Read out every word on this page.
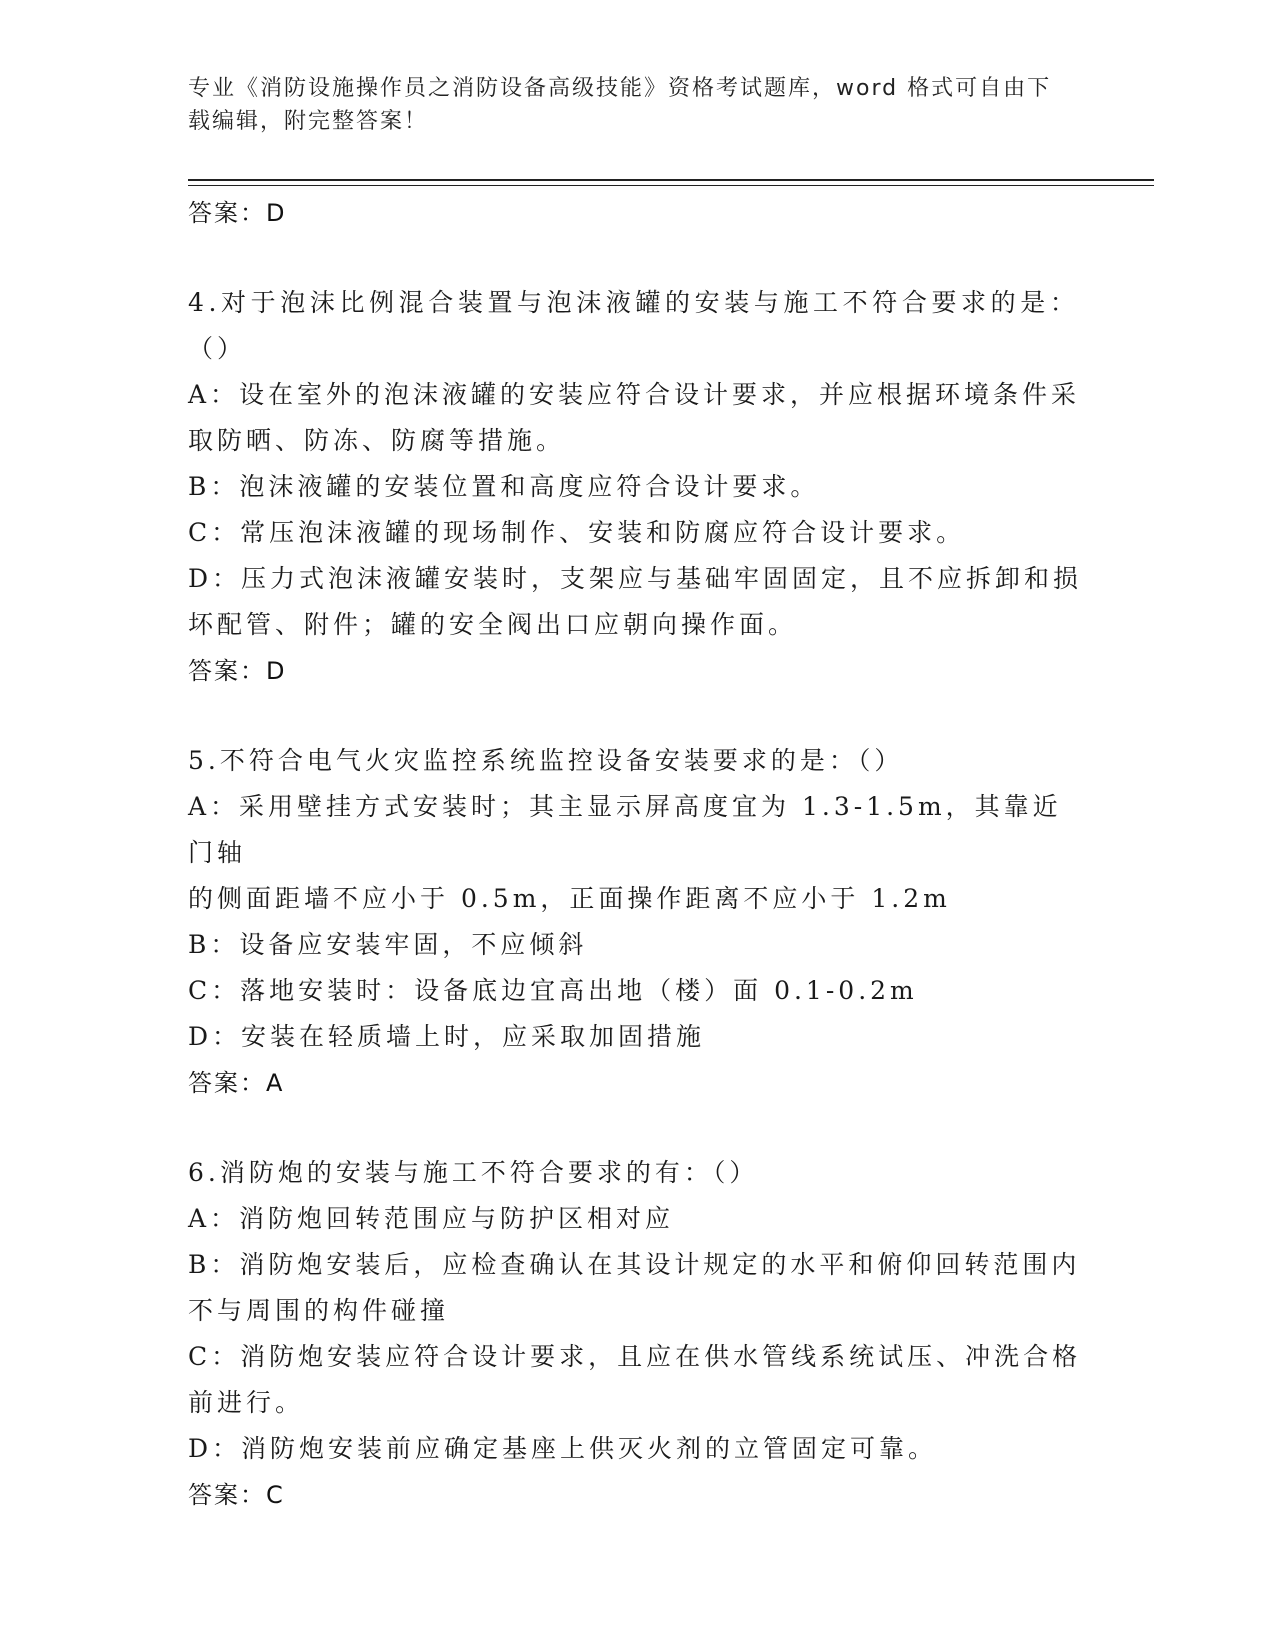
专业《消防设施操作员之消防设备高级技能》资格考试题库，word 格式可自由下
载编辑，附完整答案！
答案：D
4.对于泡沫比例混合装置与泡沫液罐的安装与施工不符合要求的是：
（）
A：设在室外的泡沫液罐的安装应符合设计要求，并应根据环境条件采
取防晒、防冻、防腐等措施。
B：泡沫液罐的安装位置和高度应符合设计要求。
C：常压泡沫液罐的现场制作、安装和防腐应符合设计要求。
D：压力式泡沫液罐安装时，支架应与基础牢固固定，且不应拆卸和损
坏配管、附件；罐的安全阀出口应朝向操作面。
答案：D
5.不符合电气火灾监控系统监控设备安装要求的是：（）
A：采用壁挂方式安装时；其主显示屏高度宜为 1.3-1.5m，其靠近门轴
的侧面距墙不应小于 0.5m，正面操作距离不应小于 1.2m
B：设备应安装牢固，不应倾斜
C：落地安装时：设备底边宜高出地（楼）面 0.1-0.2m
D：安装在轻质墙上时，应采取加固措施
答案：A
6.消防炮的安装与施工不符合要求的有：（）
A：消防炮回转范围应与防护区相对应
B：消防炮安装后，应检查确认在其设计规定的水平和俯仰回转范围内
不与周围的构件碰撞
C：消防炮安装应符合设计要求，且应在供水管线系统试压、冲洗合格
前进行。
D：消防炮安装前应确定基座上供灭火剂的立管固定可靠。
答案：C
